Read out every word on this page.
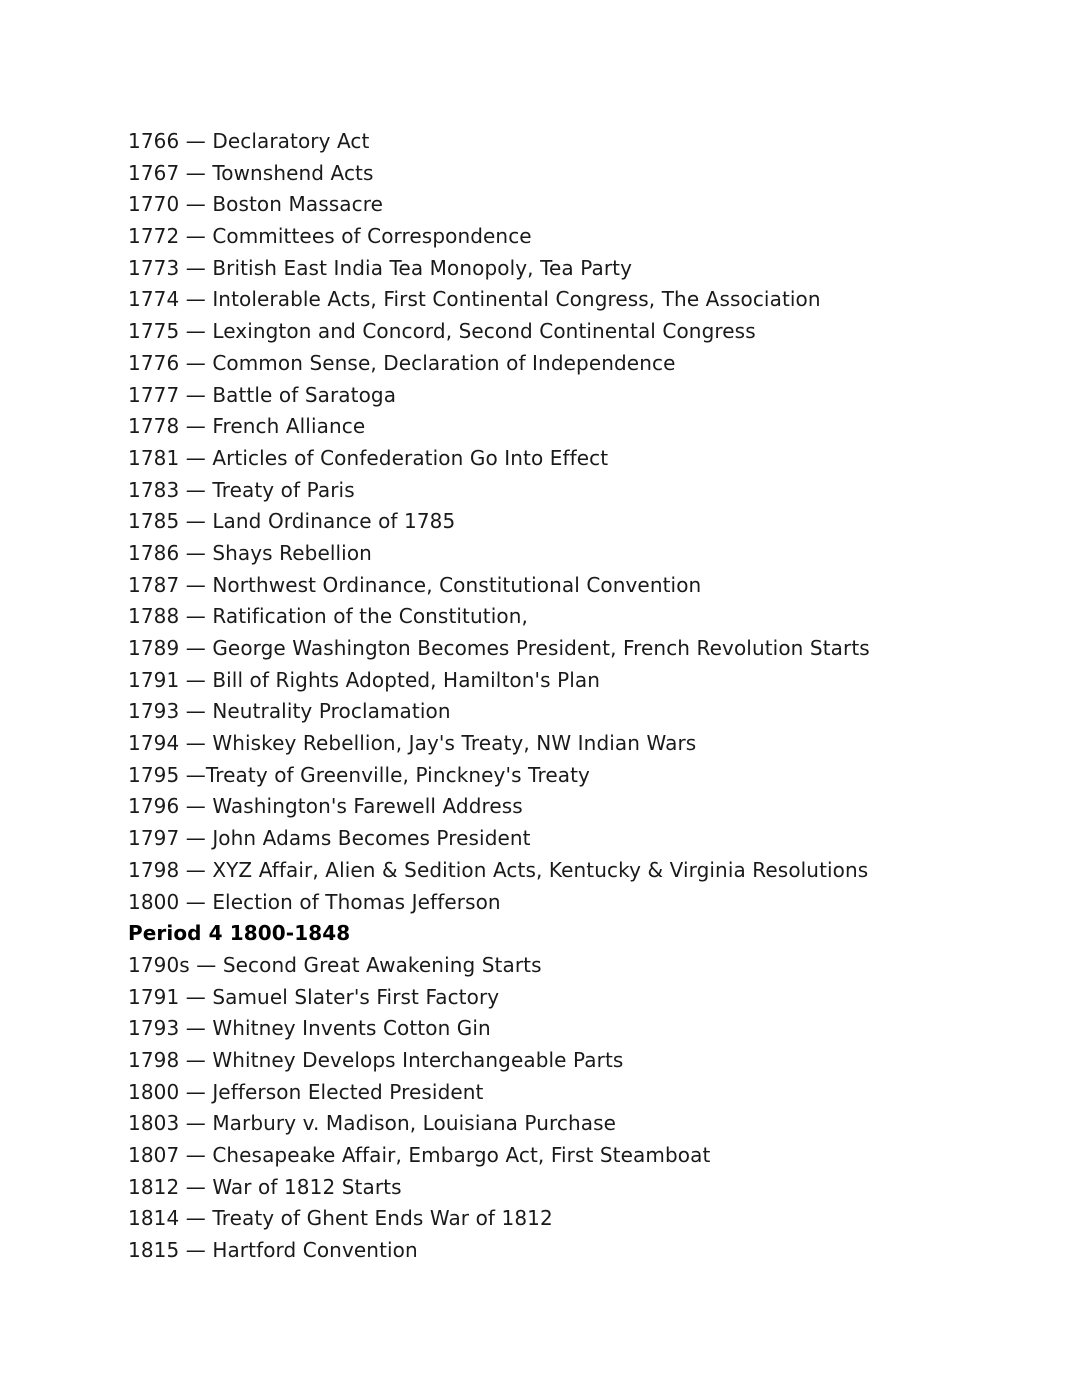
1766 — Declaratory Act
1767 — Townshend Acts
1770 — Boston Massacre
1772 — Committees of Correspondence
1773 — British East India Tea Monopoly, Tea Party
1774 — Intolerable Acts, First Continental Congress, The Association
1775 — Lexington and Concord, Second Continental Congress
1776 — Common Sense, Declaration of Independence
1777 — Battle of Saratoga
1778 — French Alliance
1781 — Articles of Confederation Go Into Effect
1783 — Treaty of Paris
1785 — Land Ordinance of 1785
1786 — Shays Rebellion
1787 — Northwest Ordinance, Constitutional Convention
1788 — Ratification of the Constitution,
1789 — George Washington Becomes President, French Revolution Starts
1791 — Bill of Rights Adopted, Hamilton's Plan
1793 — Neutrality Proclamation
1794 — Whiskey Rebellion, Jay's Treaty, NW Indian Wars
1795 —Treaty of Greenville, Pinckney's Treaty
1796 — Washington's Farewell Address
1797 — John Adams Becomes President
1798 — XYZ Affair, Alien & Sedition Acts, Kentucky & Virginia Resolutions
1800 — Election of Thomas Jefferson
Period 4 1800-1848
1790s — Second Great Awakening Starts
1791 — Samuel Slater's First Factory
1793 — Whitney Invents Cotton Gin
1798 — Whitney Develops Interchangeable Parts
1800 — Jefferson Elected President
1803 — Marbury v. Madison, Louisiana Purchase
1807 — Chesapeake Affair, Embargo Act, First Steamboat
1812 — War of 1812 Starts
1814 — Treaty of Ghent Ends War of 1812
1815 — Hartford Convention
